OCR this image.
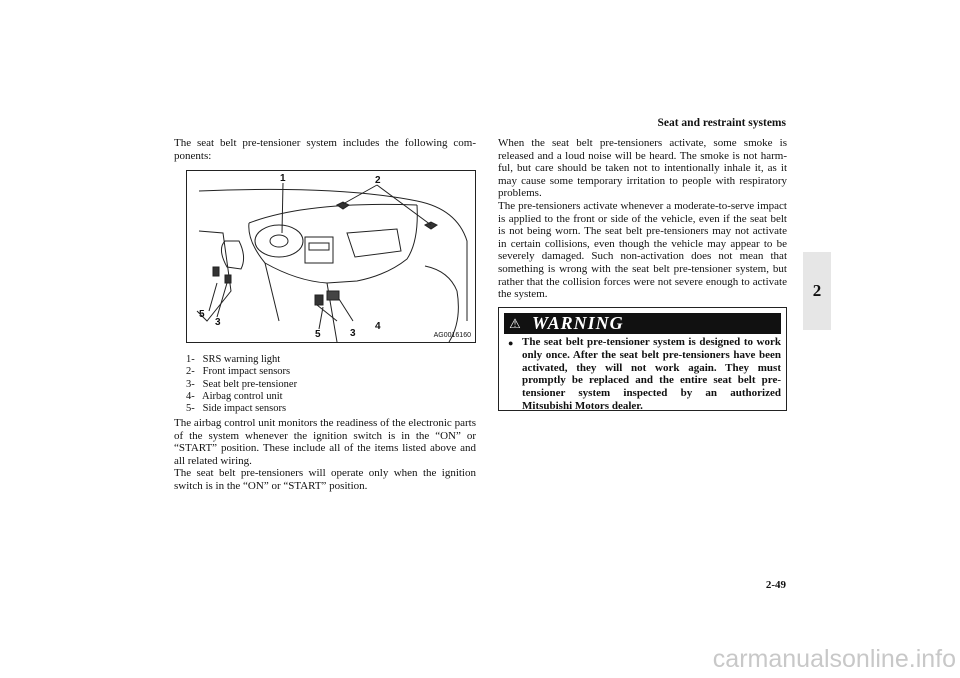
Seat and restraint systems
2

The seat belt pre-tensioner system includes the following com-ponents:

1	2
3
3
4
5
5	AG0016160
1- SRS warning light
2- Front impact sensors
3- Seat belt pre-tensioner
4- Airbag control unit
5- Side impact sensors

The airbag control unit monitors the readiness of the electronic parts of the system whenever the ignition switch is in the “ON” or “START” position. These include all of the items listed above and all related wiring.

The seat belt pre-tensioners will operate only when the ignition switch is in the “ON” or “START” position.

When the seat belt pre-tensioners activate, some smoke is released and a loud noise will be heard. The smoke is not harm-ful, but care should be taken not to intentionally inhale it, as it may cause some temporary irritation to people with respiratory problems.

The pre-tensioners activate whenever a moderate-to-serve impact is applied to the front or side of the vehicle, even if the seat belt is not being worn. The seat belt pre-tensioners may not activate in certain collisions, even though the vehicle may appear to be severely damaged. Such non-activation does not mean that something is wrong with the seat belt pre-tensioner system, but rather that the collision forces were not severe enough to activate the system.

⚠ WARNING
● The seat belt pre-tensioner system is designed to work only once. After the seat belt pre-tensioners have been activated, they will not work again. They must promptly be replaced and the entire seat belt pre-tensioner system inspected by an authorized Mitsubishi Motors dealer.
2-49
carmanualsonline.info
